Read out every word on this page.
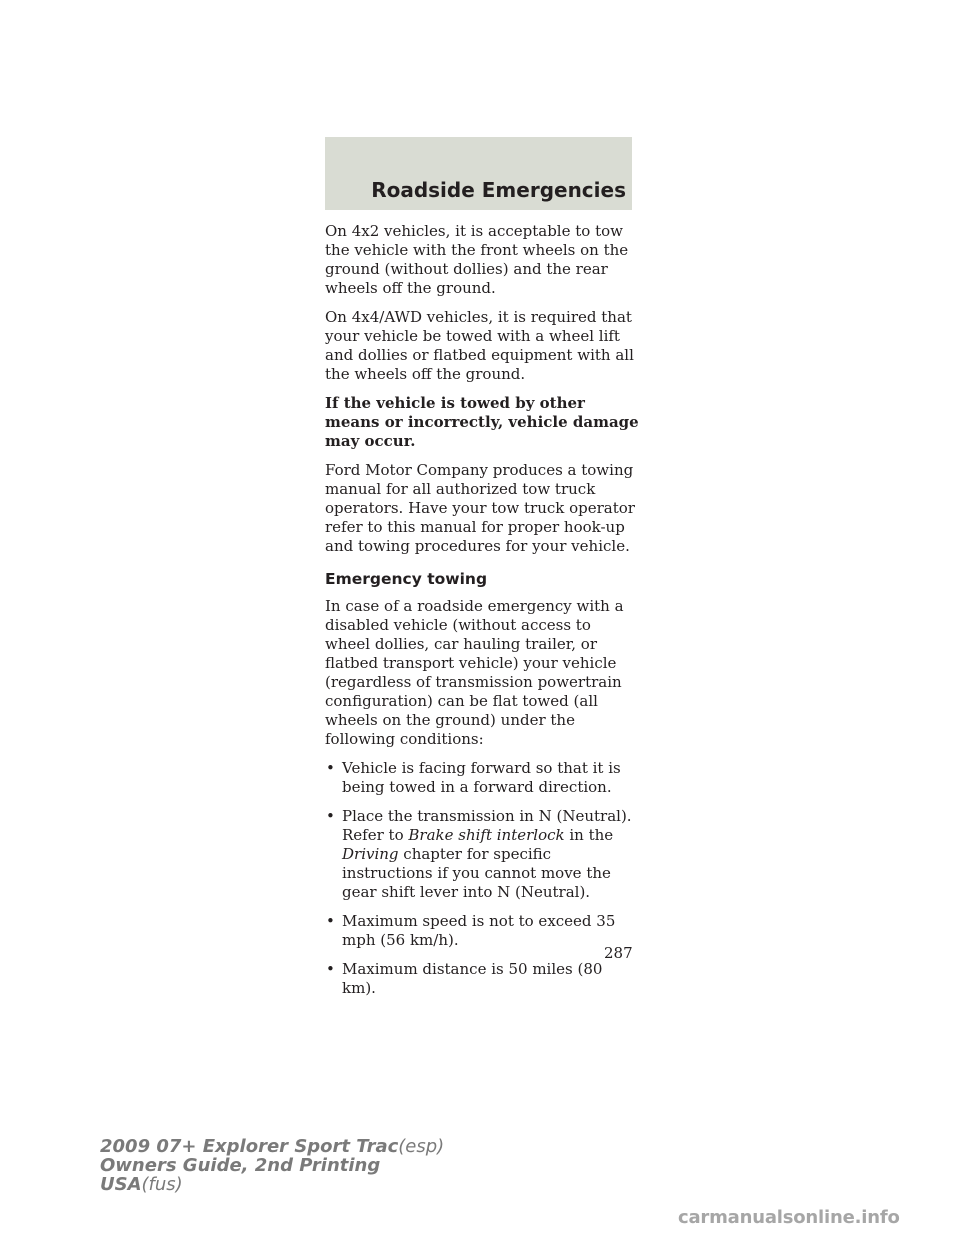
Roadside Emergencies

On 4x2 vehicles, it is acceptable to tow the vehicle with the front wheels on the ground (without dollies) and the rear wheels off the ground.

On 4x4/AWD vehicles, it is required that your vehicle be towed with a wheel lift and dollies or flatbed equipment with all the wheels off the ground.

If the vehicle is towed by other means or incorrectly, vehicle damage may occur.

Ford Motor Company produces a towing manual for all authorized tow truck operators. Have your tow truck operator refer to this manual for proper hook-up and towing procedures for your vehicle.

Emergency towing

In case of a roadside emergency with a disabled vehicle (without access to wheel dollies, car hauling trailer, or flatbed transport vehicle) your vehicle (regardless of transmission powertrain configuration) can be flat towed (all wheels on the ground) under the following conditions:

• Vehicle is facing forward so that it is being towed in a forward direction.
• Place the transmission in N (Neutral). Refer to Brake shift interlock in the Driving chapter for specific instructions if you cannot move the gear shift lever into N (Neutral).
• Maximum speed is not to exceed 35 mph (56 km/h).
• Maximum distance is 50 miles (80 km).
287
2009 07+ Explorer Sport Trac(esp)
Owners Guide, 2nd Printing
USA(fus)
carmanualsonline.info
